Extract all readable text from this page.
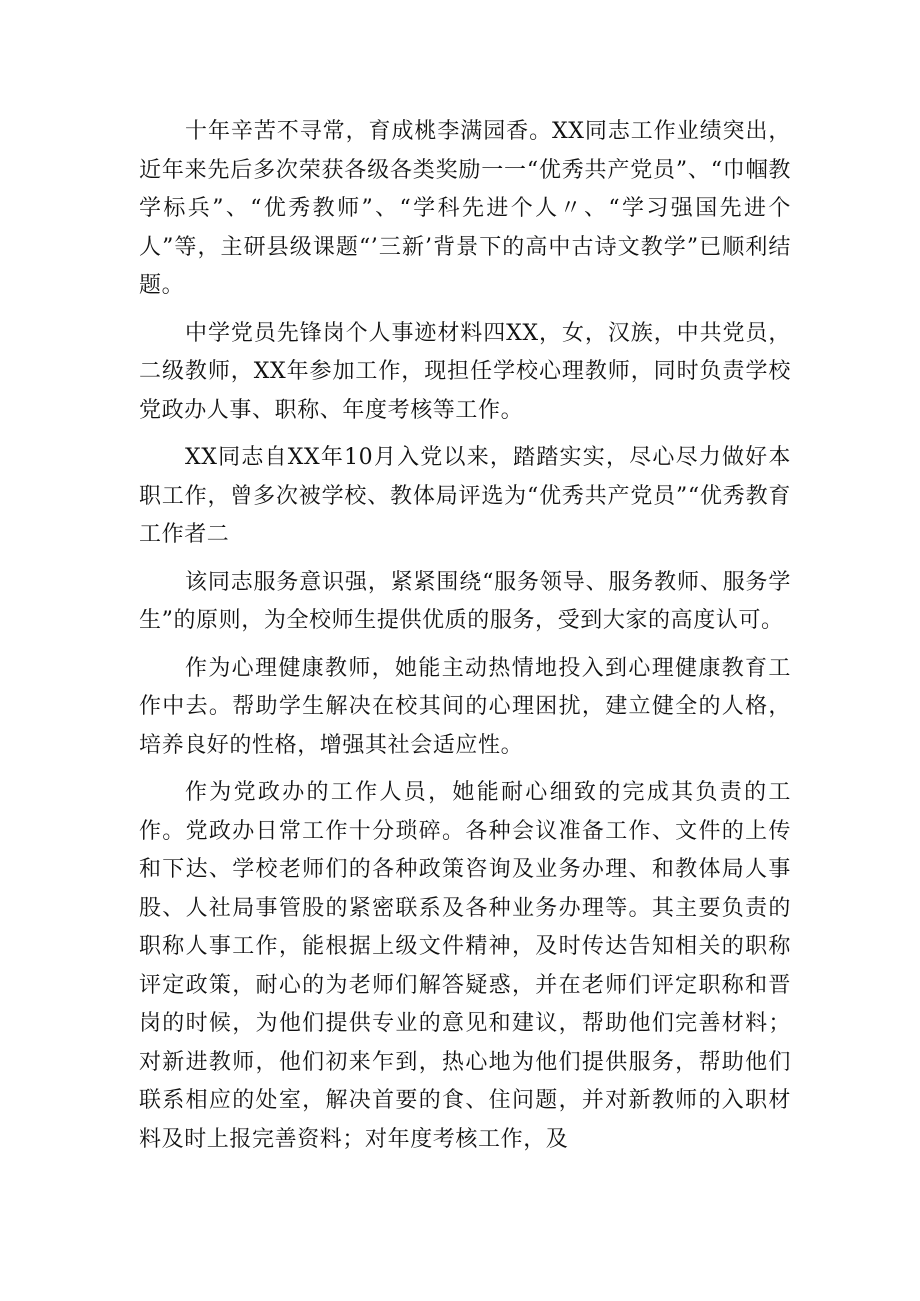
十年辛苦不寻常，育成桃李满园香。XX同志工作业绩突出，近年来先后多次荣获各级各类奖励一一“优秀共产党员”、“巾帼教学标兵”、“优秀教师”、“学科先进个人〃、“学习强国先进个人”等，主研县级课题“’三新’背景下的高中古诗文教学”已顺利结题。

中学党员先锋岗个人事迹材料四XX，女，汉族，中共党员，二级教师，XX年参加工作，现担任学校心理教师，同时负责学校党政办人事、职称、年度考核等工作。

XX同志自XX年10月入党以来，踏踏实实，尽心尽力做好本职工作，曾多次被学校、教体局评选为“优秀共产党员”“优秀教育工作者二

该同志服务意识强，紧紧围绕“服务领导、服务教师、服务学生”的原则，为全校师生提供优质的服务，受到大家的高度认可。

作为心理健康教师，她能主动热情地投入到心理健康教育工作中去。帮助学生解决在校其间的心理困扰，建立健全的人格，培养良好的性格，增强其社会适应性。

作为党政办的工作人员，她能耐心细致的完成其负责的工作。党政办日常工作十分琐碎。各种会议准备工作、文件的上传和下达、学校老师们的各种政策咨询及业务办理、和教体局人事股、人社局事管股的紧密联系及各种业务办理等。其主要负责的职称人事工作，能根据上级文件精神，及时传达告知相关的职称评定政策，耐心的为老师们解答疑惑，并在老师们评定职称和晋岗的时候，为他们提供专业的意见和建议，帮助他们完善材料；对新进教师，他们初来乍到，热心地为他们提供服务，帮助他们联系相应的处室，解决首要的食、住问题，并对新教师的入职材料及时上报完善资料；对年度考核工作，及
